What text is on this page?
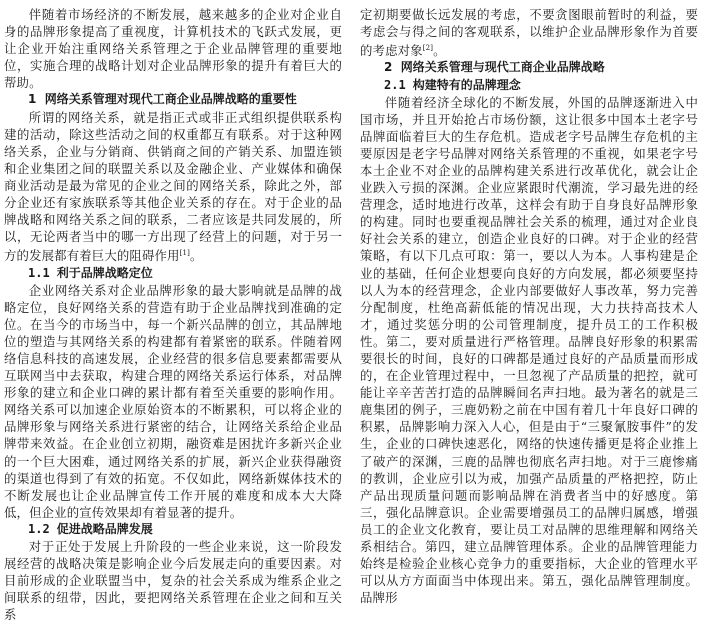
伴随着市场经济的不断发展，越来越多的企业对企业自身的品牌形象提高了重视度，计算机技术的飞跃式发展，更让企业开始注重网络关系管理之于企业品牌管理的重要地位，实施合理的战略计划对企业品牌形象的提升有着巨大的帮助。

1 网络关系管理对现代工商企业品牌战略的重要性

所谓的网络关系，就是指正式或非正式组织提供联系构建的活动，除这些活动之间的权重都互有联系。对于这种网络关系，企业与分销商、供销商之间的产销关系、加盟连锁和企业集团之间的联盟关系以及金融企业、产业媒体和确保商业活动是最为常见的企业之间的网络关系，除此之外，部分企业还有家族联系等其他企业关系的存在。对于企业的品牌战略和网络关系之间的联系，二者应该是共同发展的，所以，无论两者当中的哪一方出现了经营上的问题，对于另一方的发展都有着巨大的阻碍作用[1]。

1.1 利于品牌战略定位

企业网络关系对企业品牌形象的最大影响就是品牌的战略定位，良好网络关系的营造有助于企业品牌找到准确的定位。在当今的市场当中，每一个新兴品牌的创立，其品牌地位的塑造与其网络关系的构建都有着紧密的联系。伴随着网络信息科技的高速发展，企业经营的很多信息要素都需要从互联网当中去获取，构建合理的网络关系运行体系，对品牌形象的建立和企业口碑的累计都有着至关重要的影响作用。网络关系可以加速企业原始资本的不断累积，可以将企业的品牌形象与网络关系进行紧密的结合，让网络关系给企业品牌带来效益。在企业创立初期，融资难是困扰许多新兴企业的一个巨大困难，通过网络关系的扩展，新兴企业获得融资的渠道也得到了有效的拓宽。不仅如此，网络新媒体技术的不断发展也让企业品牌宣传工作开展的难度和成本大大降低，但企业的宣传效果却有着显著的提升。

1.2 促进战略品牌发展

对于正处于发展上升阶段的一些企业来说，这一阶段发展经营的战略决策是影响企业今后发展走向的重要因素。对目前形成的企业联盟当中，复杂的社会关系成为维系企业之间联系的纽带，因此，要把网络关系管理在企业之间和互关系

定初期要做长远发展的考虑，不要贪图眼前暂时的利益，要考虑会与得之间的客观联系，以维护企业品牌形象作为首要的考虑对象[2]。

2 网络关系管理与现代工商企业品牌战略
2.1 构建特有的品牌理念

伴随着经济全球化的不断发展，外国的品牌逐渐进入中国市场，并且开始抢占市场份额，这让很多中国本土老字号品牌面临着巨大的生存危机。造成老字号品牌生存危机的主要原因是老字号品牌对网络关系管理的不重视，如果老字号本土企业不对企业的品牌构建关系进行改革优化，就会让企业跌入亏损的深渊。企业应紧跟时代潮流，学习最先进的经营理念，适时地进行改革，这样会有助于自身良好品牌形象的构建。同时也要重视品牌社会关系的梳理，通过对企业良好社会关系的建立，创造企业良好的口碑。对于企业的经营策略，有以下几点可取：第一，要以人为本。人事构建是企业的基础，任何企业想要向良好的方向发展，都必须要坚持以人为本的经营理念，企业内部要做好人事改革，努力完善分配制度，杜绝高薪低能的情况出现，大力扶持高技术人才，通过奖惩分明的公司管理制度，提升员工的工作积极性。第二，要对质量进行严格管理。品牌良好形象的积累需要很长的时间，良好的口碑都是通过良好的产品质量而形成的，在企业管理过程中，一旦忽视了产品质量的把控，就可能让辛辛苦苦打造的品牌瞬间名声扫地。最为著名的就是三鹿集团的例子，三鹿奶粉之前在中国有着几十年良好口碑的积累，品牌影响力深入人心，但是由于“三聚氰胺事件”的发生，企业的口碑快速恶化，网络的快速传播更是将企业推上了破产的深渊，三鹿的品牌也彻底名声扫地。对于三鹿惨痛的教训，企业应引以为戒，加强产品质量的严格把控，防止产品出现质量问题而影响品牌在消费者当中的好感度。第三，强化品牌意识。企业需要增强员工的品牌归属感，增强员工的企业文化教育，要让员工对品牌的思维理解和网络关系相结合。第四，建立品牌管理体系。企业的品牌管理能力始终是检验企业核心竞争力的重要指标，大企业的管理水平可以从方方面面当中体现出来。第五，强化品牌管理制度。品牌形
